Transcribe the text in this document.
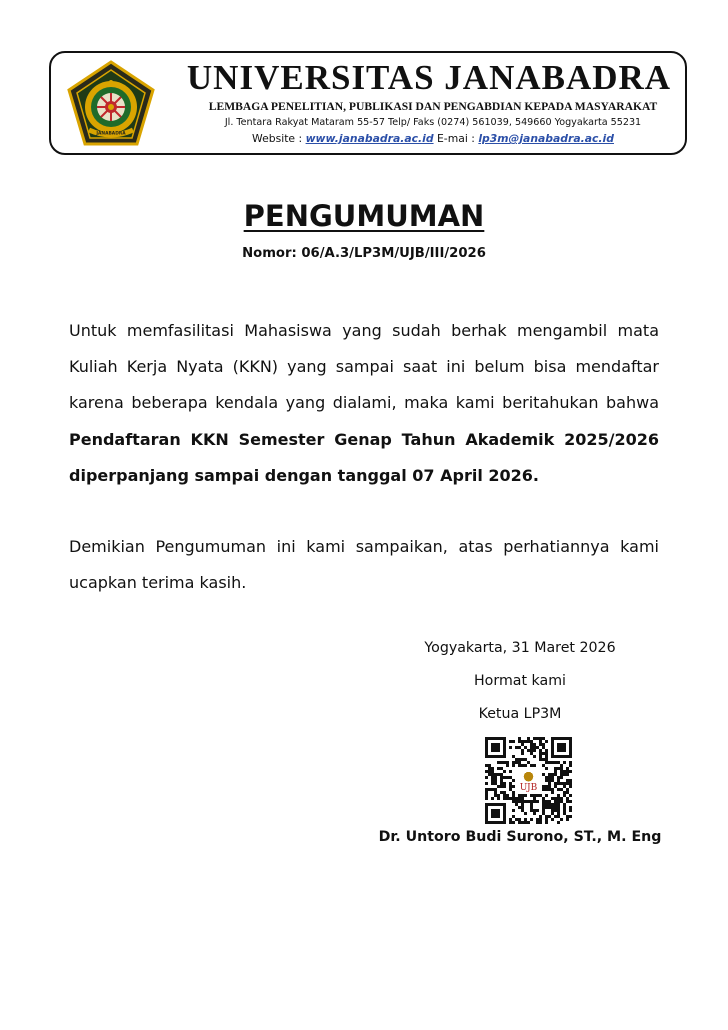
JANABADRA
UNIVERSITAS JANABADRA
LEMBAGA PENELITIAN, PUBLIKASI DAN PENGABDIAN KEPADA MASYARAKAT
Jl. Tentara Rakyat Mataram 55-57 Telp/ Faks (0274) 561039, 549660 Yogyakarta 55231
Website : www.janabadra.ac.id E-mai : lp3m@janabadra.ac.id
PENGUMUMAN
Nomor: 06/A.3/LP3M/UJB/III/2026
Untuk memfasilitasi Mahasiswa yang sudah berhak mengambil mata Kuliah Kerja Nyata (KKN) yang sampai saat ini belum bisa mendaftar karena beberapa kendala yang dialami, maka kami beritahukan bahwa Pendaftaran KKN Semester Genap Tahun Akademik 2025/2026 diperpanjang sampai dengan tanggal 07 April 2026.
Demikian Pengumuman ini kami sampaikan, atas perhatiannya kami ucapkan terima kasih.
Yogyakarta, 31 Maret 2026
Hormat kami
Ketua LP3M
UJB
Dr. Untoro Budi Surono, ST., M. Eng
